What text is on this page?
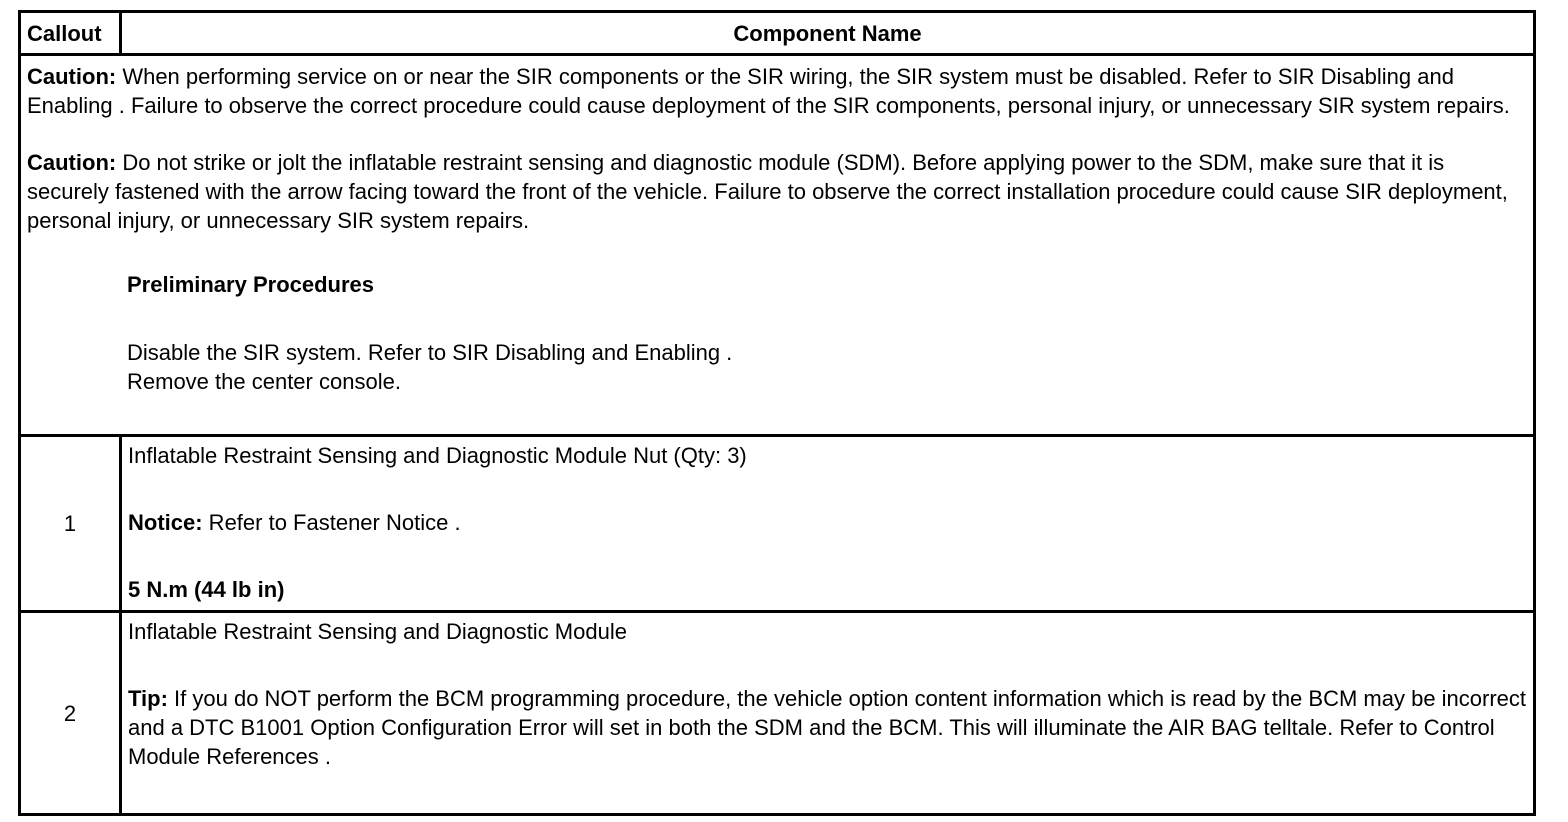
Callout	Component Name

Caution: When performing service on or near the SIR components or the SIR wiring, the SIR system must be disabled. Refer to SIR Disabling and Enabling . Failure to observe the correct procedure could cause deployment of the SIR components, personal injury, or unnecessary SIR system repairs.

Caution: Do not strike or jolt the inflatable restraint sensing and diagnostic module (SDM). Before applying power to the SDM, make sure that it is securely fastened with the arrow facing toward the front of the vehicle. Failure to observe the correct installation procedure could cause SIR deployment, personal injury, or unnecessary SIR system repairs.

Preliminary Procedures

Disable the SIR system. Refer to SIR Disabling and Enabling .

Remove the center console.	

1	Inflatable Restraint Sensing and Diagnostic Module Nut (Qty: 3)

Notice: Refer to Fastener Notice .

5 N.m (44 lb in)

2	Inflatable Restraint Sensing and Diagnostic Module

Tip: If you do NOT perform the BCM programming procedure, the vehicle option content information which is read by the BCM may be incorrect and a DTC B1001 Option Configuration Error will set in both the SDM and the BCM. This will illuminate the AIR BAG telltale. Refer to Control Module References .
